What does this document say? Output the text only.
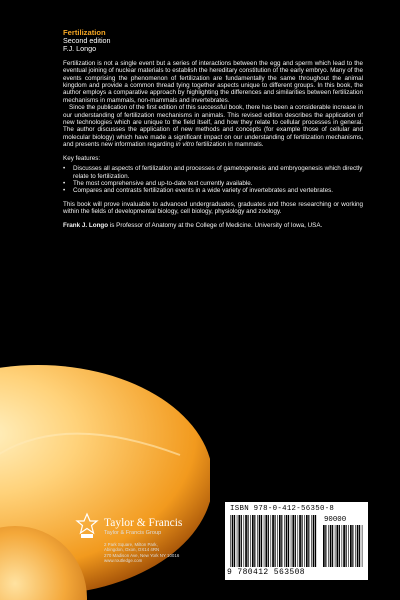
Fertilization
Second edition
F.J. Longo

Fertilization is not a single event but a series of interactions between the egg and sperm which lead to the eventual joining of nuclear materials to establish the hereditary constitution of the early embryo. Many of the events comprising the phenomenon of fertilization are fundamentally the same throughout the animal kingdom and provide a common thread tying together aspects unique to different groups. In this book, the author employs a comparative approach by highlighting the differences and similarities between fertilization mechanisms in mammals, non-mammals and invertebrates.

Since the publication of the first edition of this successful book, there has been a considerable increase in our understanding of fertilization mechanisms in animals. This revised edition describes the application of new technologies which are unique to the field itself, and how they relate to cellular processes in general. The author discusses the application of new methods and concepts (for example those of cellular and molecular biology) which have made a significant impact on our understanding of fertilization mechanisms, and presents new information regarding in vitro fertilization in mammals.

Key features:

• Discusses all aspects of fertilization and processes of gametogenesis and embryogenesis which directly relate to fertilization.
• The most comprehensive and up-to-date text currently available.
• Compares and contrasts fertilization events in a wide variety of invertebrates and vertebrates.

This book will prove invaluable to advanced undergraduates, graduates and those researching or working within the fields of developmental biology, cell biology, physiology and zoology.

Frank J. Longo is Professor of Anatomy at the College of Medicine. University of Iowa, USA.

Taylor & Francis
Taylor & Francis Group
2 Park Square, Milton Park,
Abingdon, Oxon, OX14 4RN
270 Madison Ave, New York NY 10016
www.routledge.com
ISBN 978-0-412-56350-8
90000
9 780412 563508
